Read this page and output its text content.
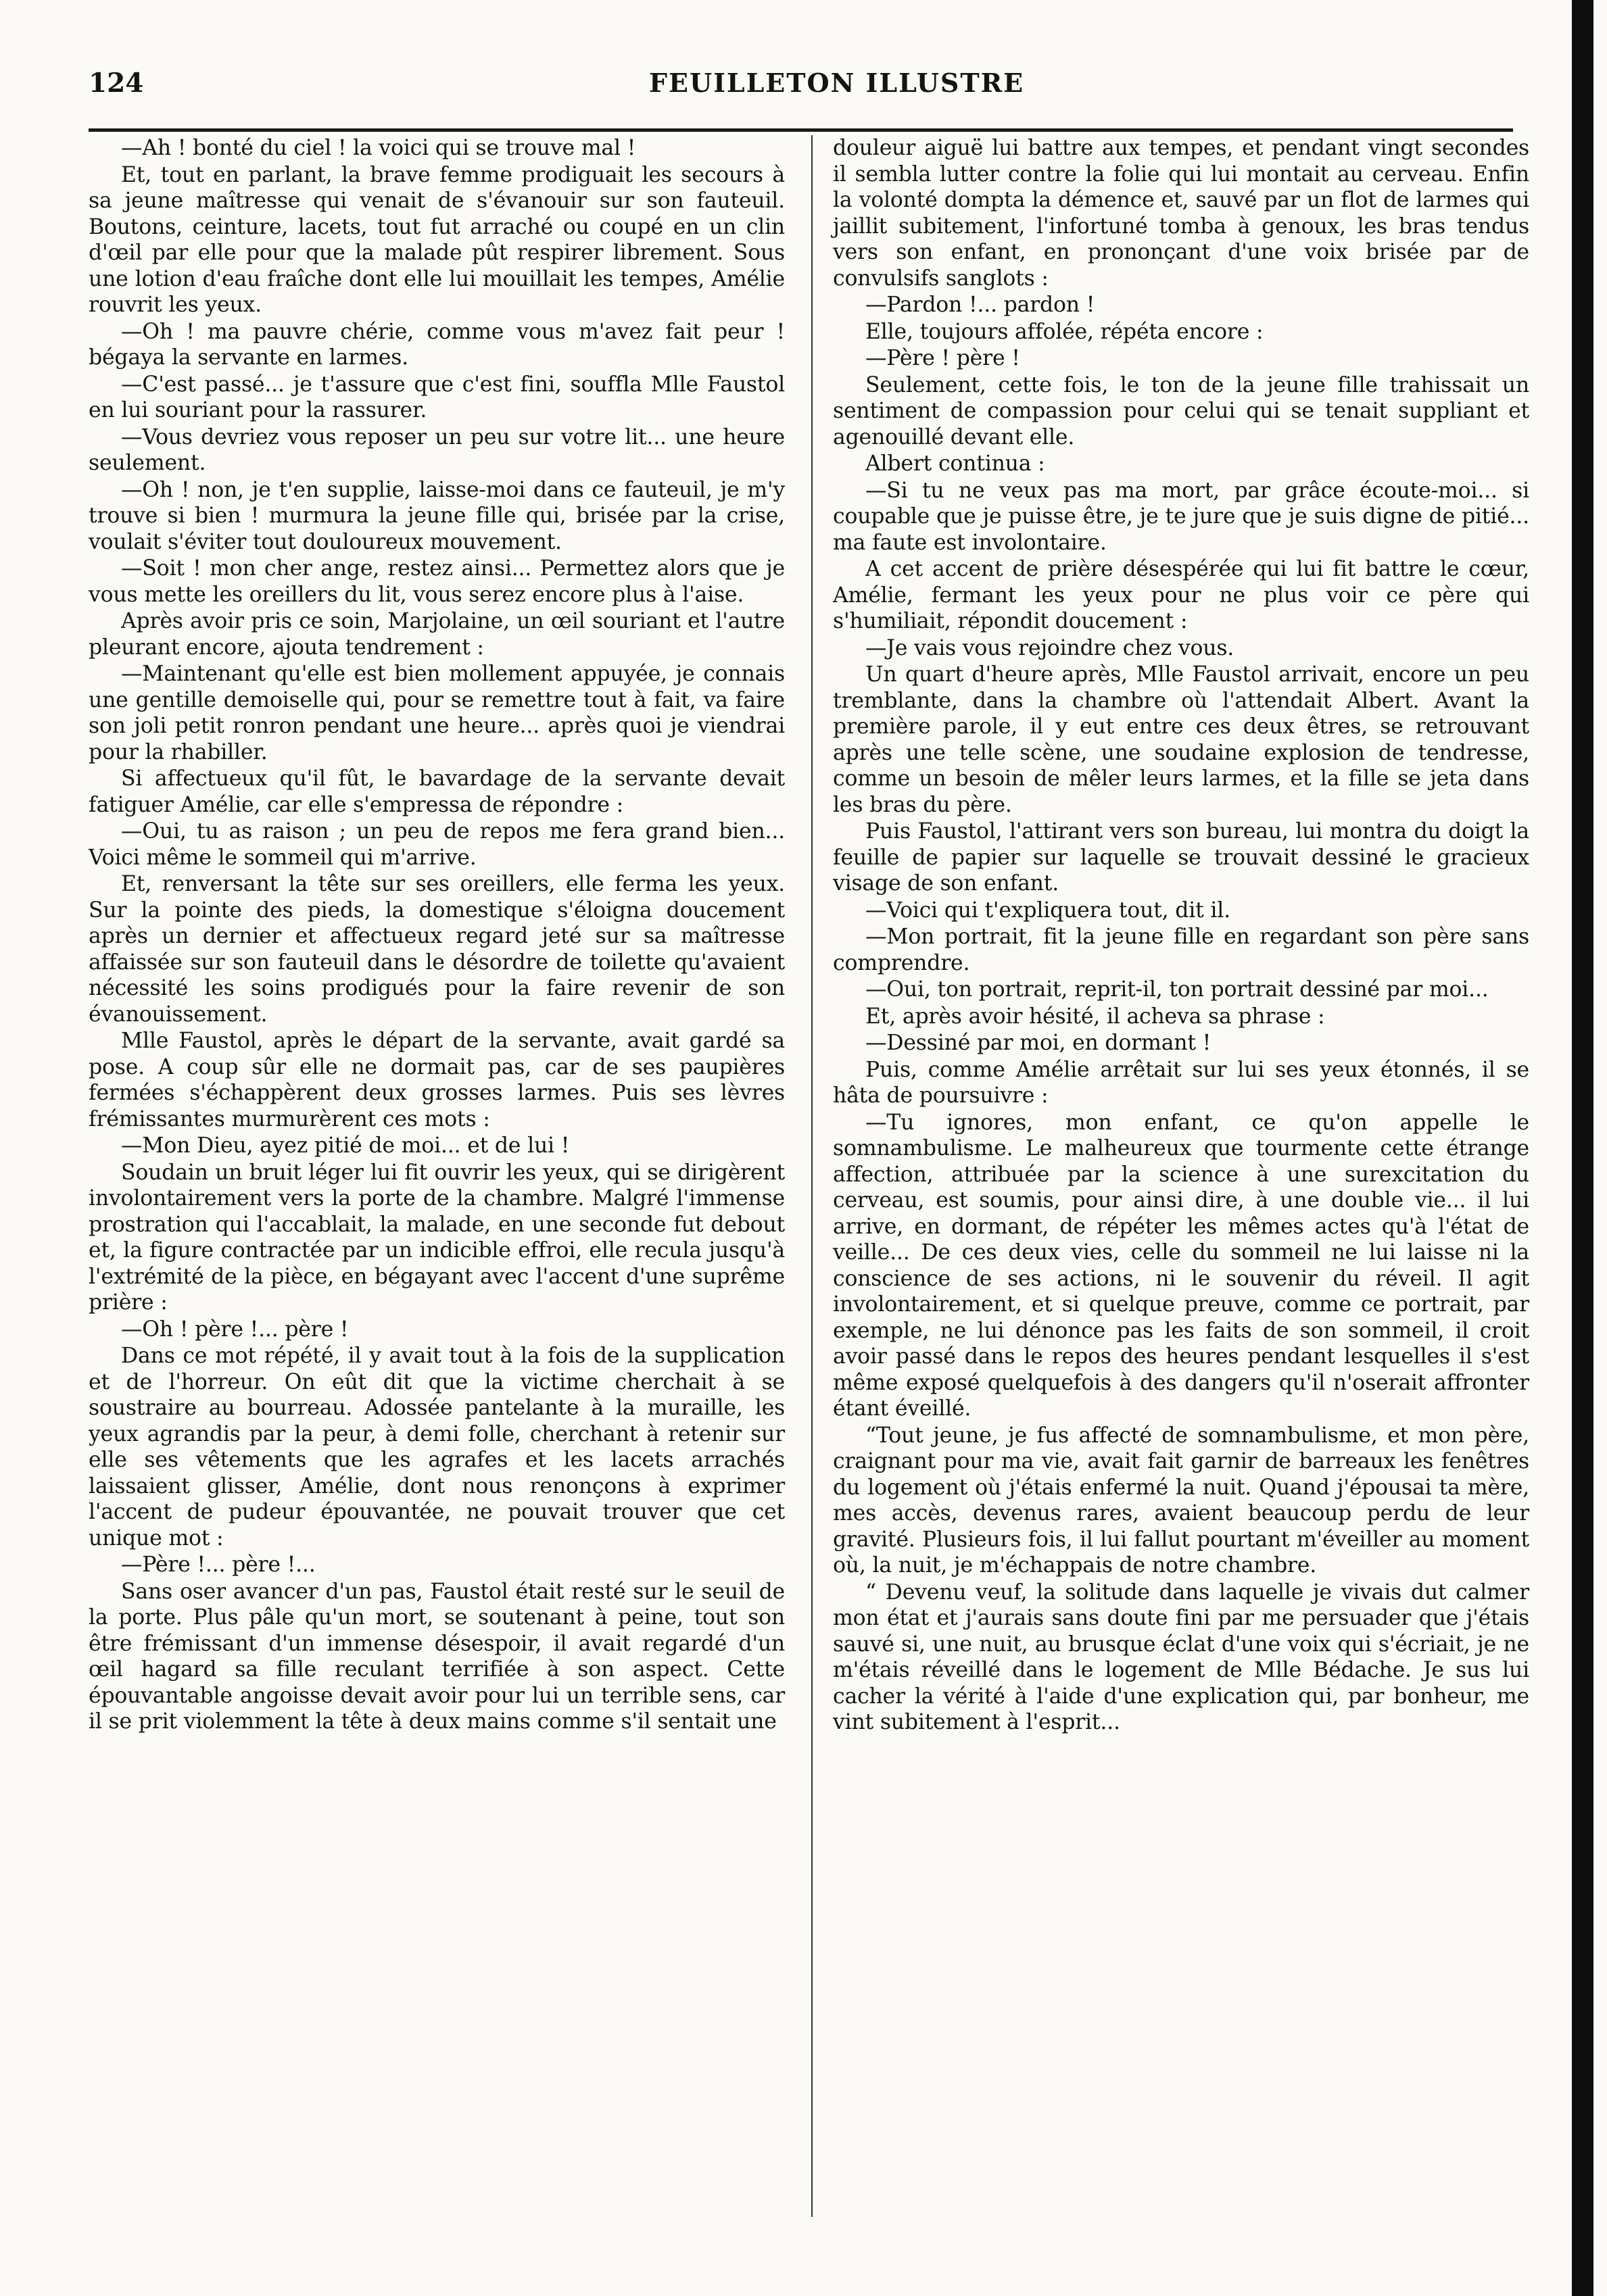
124	FEUILLETON ILLUSTRE

—Ah ! bonté du ciel ! la voici qui se trouve mal !

Et, tout en parlant, la brave femme prodiguait les secours à sa jeune maîtresse qui venait de s'évanouir sur son fauteuil. Boutons, ceinture, lacets, tout fut arraché ou coupé en un clin d'œil par elle pour que la malade pût respirer librement. Sous une lotion d'eau fraîche dont elle lui mouillait les tempes, Amélie rouvrit les yeux.

—Oh ! ma pauvre chérie, comme vous m'avez fait peur ! bégaya la servante en larmes.

—C'est passé... je t'assure que c'est fini, souffla Mlle Faustol en lui souriant pour la rassurer.

—Vous devriez vous reposer un peu sur votre lit... une heure seulement.

—Oh ! non, je t'en supplie, laisse-moi dans ce fauteuil, je m'y trouve si bien ! murmura la jeune fille qui, brisée par la crise, voulait s'éviter tout douloureux mouvement.

—Soit ! mon cher ange, restez ainsi... Permettez alors que je vous mette les oreillers du lit, vous serez encore plus à l'aise.

Après avoir pris ce soin, Marjolaine, un œil souriant et l'autre pleurant encore, ajouta tendrement :

—Maintenant qu'elle est bien mollement appuyée, je connais une gentille demoiselle qui, pour se remettre tout à fait, va faire son joli petit ronron pendant une heure... après quoi je viendrai pour la rhabiller.

Si affectueux qu'il fût, le bavardage de la servante devait fatiguer Amélie, car elle s'empressa de répondre :

—Oui, tu as raison ; un peu de repos me fera grand bien... Voici même le sommeil qui m'arrive.

Et, renversant la tête sur ses oreillers, elle ferma les yeux. Sur la pointe des pieds, la domestique s'éloigna doucement après un dernier et affectueux regard jeté sur sa maîtresse affaissée sur son fauteuil dans le désordre de toilette qu'avaient nécessité les soins prodigués pour la faire revenir de son évanouissement.

Mlle Faustol, après le départ de la servante, avait gardé sa pose. A coup sûr elle ne dormait pas, car de ses paupières fermées s'échappèrent deux grosses larmes. Puis ses lèvres frémissantes murmurèrent ces mots :

—Mon Dieu, ayez pitié de moi... et de lui !

Soudain un bruit léger lui fit ouvrir les yeux, qui se dirigèrent involontairement vers la porte de la chambre. Malgré l'immense prostration qui l'accablait, la malade, en une seconde fut debout et, la figure contractée par un indicible effroi, elle recula jusqu'à l'extrémité de la pièce, en bégayant avec l'accent d'une suprême prière :

—Oh ! père !... père !

Dans ce mot répété, il y avait tout à la fois de la supplication et de l'horreur. On eût dit que la victime cherchait à se soustraire au bourreau. Adossée pantelante à la muraille, les yeux agrandis par la peur, à demi folle, cherchant à retenir sur elle ses vêtements que les agrafes et les lacets arrachés laissaient glisser, Amélie, dont nous renonçons à exprimer l'accent de pudeur épouvantée, ne pouvait trouver que cet unique mot :

—Père !... père !...

Sans oser avancer d'un pas, Faustol était resté sur le seuil de la porte. Plus pâle qu'un mort, se soutenant à peine, tout son être frémissant d'un immense désespoir, il avait regardé d'un œil hagard sa fille reculant terrifiée à son aspect. Cette épouvantable angoisse devait avoir pour lui un terrible sens, car il se prit violemment la tête à deux mains comme s'il sentait une

douleur aiguë lui battre aux tempes, et pendant vingt secondes il sembla lutter contre la folie qui lui montait au cerveau. Enfin la volonté dompta la démence et, sauvé par un flot de larmes qui jaillit subitement, l'infortuné tomba à genoux, les bras tendus vers son enfant, en prononçant d'une voix brisée par de convulsifs sanglots :

—Pardon !... pardon !

Elle, toujours affolée, répéta encore :

—Père ! père !

Seulement, cette fois, le ton de la jeune fille trahissait un sentiment de compassion pour celui qui se tenait suppliant et agenouillé devant elle.

Albert continua :

—Si tu ne veux pas ma mort, par grâce écoute-moi... si coupable que je puisse être, je te jure que je suis digne de pitié... ma faute est involontaire.

A cet accent de prière désespérée qui lui fit battre le cœur, Amélie, fermant les yeux pour ne plus voir ce père qui s'humiliait, répondit doucement :

—Je vais vous rejoindre chez vous.

Un quart d'heure après, Mlle Faustol arrivait, encore un peu tremblante, dans la chambre où l'attendait Albert. Avant la première parole, il y eut entre ces deux êtres, se retrouvant après une telle scène, une soudaine explosion de tendresse, comme un besoin de mêler leurs larmes, et la fille se jeta dans les bras du père.

Puis Faustol, l'attirant vers son bureau, lui montra du doigt la feuille de papier sur laquelle se trouvait dessiné le gracieux visage de son enfant.

—Voici qui t'expliquera tout, dit il.

—Mon portrait, fit la jeune fille en regardant son père sans comprendre.

—Oui, ton portrait, reprit-il, ton portrait dessiné par moi...

Et, après avoir hésité, il acheva sa phrase :

—Dessiné par moi, en dormant !

Puis, comme Amélie arrêtait sur lui ses yeux étonnés, il se hâta de poursuivre :

—Tu ignores, mon enfant, ce qu'on appelle le somnambulisme. Le malheureux que tourmente cette étrange affection, attribuée par la science à une surexcitation du cerveau, est soumis, pour ainsi dire, à une double vie... il lui arrive, en dormant, de répéter les mêmes actes qu'à l'état de veille... De ces deux vies, celle du sommeil ne lui laisse ni la conscience de ses actions, ni le souvenir du réveil. Il agit involontairement, et si quelque preuve, comme ce portrait, par exemple, ne lui dénonce pas les faits de son sommeil, il croit avoir passé dans le repos des heures pendant lesquelles il s'est même exposé quelquefois à des dangers qu'il n'oserait affronter étant éveillé.

“Tout jeune, je fus affecté de somnambulisme, et mon père, craignant pour ma vie, avait fait garnir de barreaux les fenêtres du logement où j'étais enfermé la nuit. Quand j'épousai ta mère, mes accès, devenus rares, avaient beaucoup perdu de leur gravité. Plusieurs fois, il lui fallut pourtant m'éveiller au moment où, la nuit, je m'échappais de notre chambre.

“ Devenu veuf, la solitude dans laquelle je vivais dut calmer mon état et j'aurais sans doute fini par me persuader que j'étais sauvé si, une nuit, au brusque éclat d'une voix qui s'écriait, je ne m'étais réveillé dans le logement de Mlle Bédache. Je sus lui cacher la vérité à l'aide d'une explication qui, par bonheur, me vint subitement à l'esprit...
